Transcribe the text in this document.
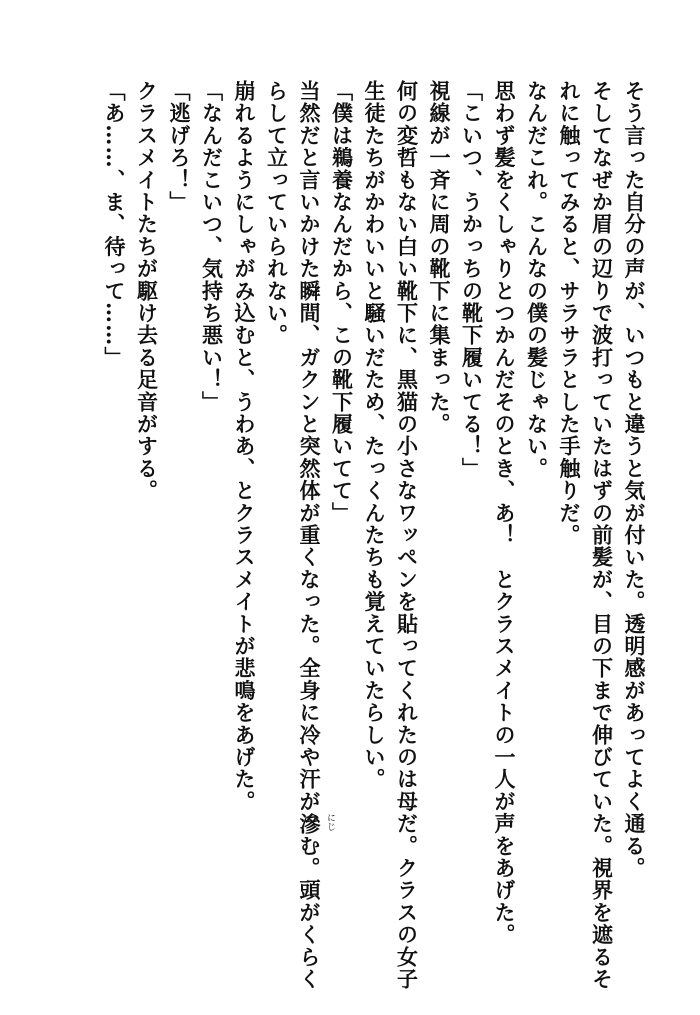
そう言った自分の声が、いつもと違うと気が付いた。透明感があってよく通る。
そしてなぜか眉の辺りで波打っていたはずの前髪が、目の下まで伸びていた。視界を遮るそ
れに触ってみると、サラサラとした手触りだ。
なんだこれ。こんなの僕の髪じゃない。
思わず髪をくしゃりとつかんだそのとき、あ！　とクラスメイトの一人が声をあげた。
「こいつ、うかっちの靴下履いてる！」
視線が一斉に周の靴下に集まった。
何の変哲もない白い靴下に、黒猫の小さなワッペンを貼ってくれたのは母だ。クラスの女子
生徒たちがかわいいと騒いだため、たっくんたちも覚えていたらしい。
「僕は鵜養なんだから、この靴下履いてて」
当然だと言いかけた瞬間、ガクンと突然体が重くなった。全身に冷や汗が滲 にじ
む。頭がくらく
らして立っていられない。
崩れるようにしゃがみ込むと、うわあ、とクラスメイトが悲鳴をあげた。
「なんだこいつ、気持ち悪い！」
「逃げろ！」
クラスメイトたちが駆け去る足音がする。
「あ……、ま、待って……」
